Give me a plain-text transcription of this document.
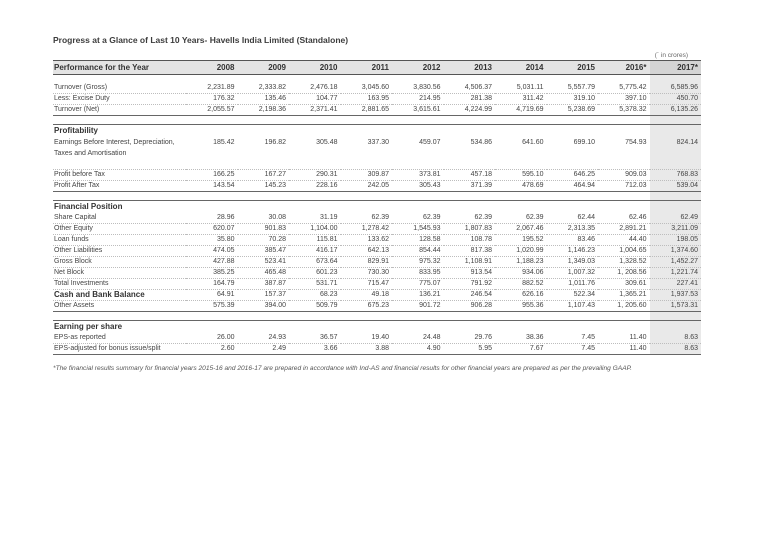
Progress at a Glance of Last 10 Years- Havells India Limited (Standalone)
(` in crores)
Performance for the Year	2008	2009	2010	2011	2012	2013	2014	2015	2016*	2017*

Turnover (Gross)	2,231.89	2,333.82	2,476.18	3,045.60	3,830.56	4,506.37	5,031.11	5,557.79	5,775.42	6,585.96
Less: Excise Duty	176.32	135.46	104.77	163.95	214.95	281.38	311.42	319.10	397.10	450.70
Turnover (Net)	2,055.57	2,198.36	2,371.41	2,881.65	3,615.61	4,224.99	4,719.69	5,238.69	5,378.32	6,135.26

Profitability										
Earnings Before Interest, Depreciation, Taxes and Amortisation	185.42	196.82	305.48	337.30	459.07	534.86	641.60	699.10	754.93	824.14
Profit before Tax	166.25	167.27	290.31	309.87	373.81	457.18	595.10	646.25	909.03	768.83
Profit After Tax	143.54	145.23	228.16	242.05	305.43	371.39	478.69	464.94	712.03	539.04

Financial Position										
Share Capital	28.96	30.08	31.19	62.39	62.39	62.39	62.39	62.44	62.46	62.49
Other Equity	620.07	901.83	1,104.00	1,278.42	1,545.93	1,807.83	2,067.46	2,313.35	2,891.21	3,211.09
Loan funds	35.80	70.28	115.81	133.62	128.58	108.78	195.52	83.46	44.40	198.05
Other Liabilities	474.05	385.47	416.17	642.13	854.44	817.38	1,020.99	1,146.23	1,004.65	1,374.60
Gross Block	427.88	523.41	673.64	829.91	975.32	1,108.91	1,188.23	1,349.03	1,328.52	1,452.27
Net Block	385.25	465.48	601.23	730.30	833.95	913.54	934.06	1,007.32	1, 208.56	1,221.74
Total Investments	164.79	387.87	531.71	715.47	775.07	791.92	882.52	1,011.76	309.61	227.41
Cash and Bank Balance	64.91	157.37	68.23	49.18	136.21	246.54	626.16	522.34	1,365.21	1,937.53
Other Assets	575.39	394.00	509.79	675.23	901.72	906.28	955.36	1,107.43	1, 205.60	1,573.31

Earning per share										
EPS-as reported	26.00	24.93	36.57	19.40	24.48	29.76	38.36	7.45	11.40	8.63
EPS-adjusted for bonus issue/split	2.60	2.49	3.66	3.88	4.90	5.95	7.67	7.45	11.40	8.63
*The financial results summary for financial years 2015-16 and 2016-17 are prepared in accordance with Ind-AS and financial results for other financial years are prepared as per the prevailing GAAP.
